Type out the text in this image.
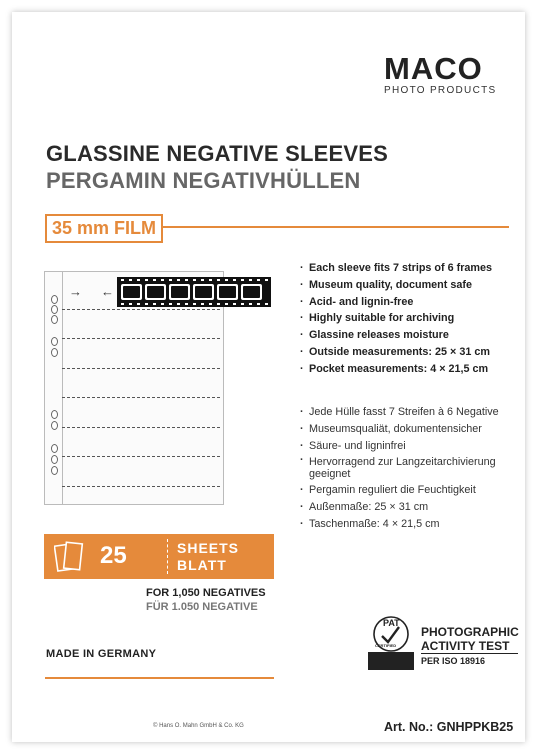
MACO
PHOTO PRODUCTS
GLASSINE NEGATIVE SLEEVES
PERGAMIN NEGATIVHÜLLEN
35 mm FILM
→ ←
· Each sleeve fits 7 strips of 6 frames
· Museum quality, document safe
· Acid- and lignin-free
· Highly suitable for archiving
· Glassine releases moisture
· Outside measurements: 25 × 31 cm
· Pocket measurements: 4 × 21,5 cm
· Jede Hülle fasst 7 Streifen à 6 Negative
· Museumsqualiät, dokumentensicher
· Säure- und ligninfrei
· Hervorragend zur Langzeitarchivierung geeignet
· Pergamin reguliert die Feuchtigkeit
· Außenmaße: 25 × 31 cm
· Taschenmaße: 4 × 21,5 cm
25	SHEETS
BLATT
FOR 1,050 NEGATIVES
FÜR 1.050 NEGATIVE
MADE IN GERMANY
PAT
CERTIFIED
PHOTOGRAPHIC
ACTIVITY TEST
PER ISO 18916
© Hans O. Mahn GmbH & Co. KG	Art. No.: GNHPPKB25
